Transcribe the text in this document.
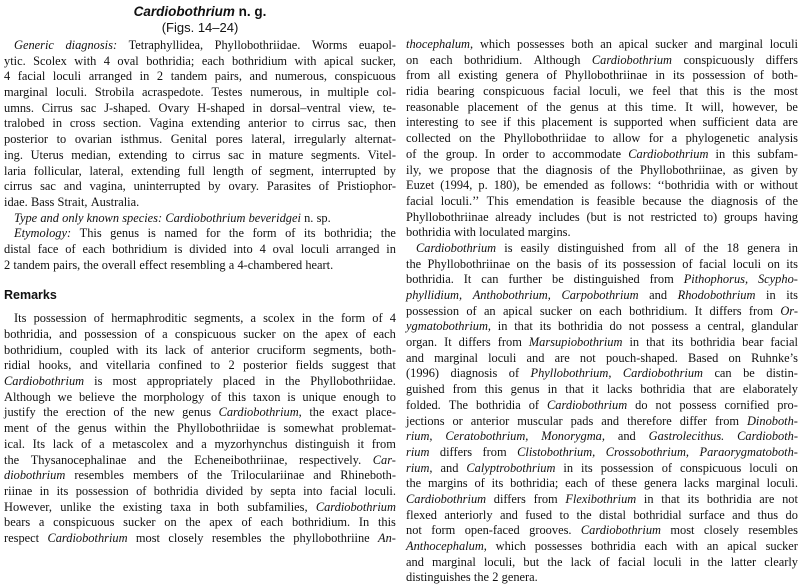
Cardiobothrium n. g.
(Figs. 14–24)
Generic diagnosis: Tetraphyllidea, Phyllobothriidae. Worms euapol-
ytic. Scolex with 4 oval bothridia; each bothridium with apical sucker,
4 facial loculi arranged in 2 tandem pairs, and numerous, conspicuous
marginal loculi. Strobila acraspedote. Testes numerous, in multiple col-
umns. Cirrus sac J-shaped. Ovary H-shaped in dorsal–ventral view, te-
tralobed in cross section. Vagina extending anterior to cirrus sac, then
posterior to ovarian isthmus. Genital pores lateral, irregularly alternat-
ing. Uterus median, extending to cirrus sac in mature segments. Vitel-
laria follicular, lateral, extending full length of segment, interrupted by
cirrus sac and vagina, uninterrupted by ovary. Parasites of Pristiophor-
idae. Bass Strait, Australia.
Type and only known species: Cardiobothrium beveridgei n. sp.
Etymology: This genus is named for the form of its bothridia; the
distal face of each bothridium is divided into 4 oval loculi arranged in
2 tandem pairs, the overall effect resembling a 4-chambered heart.
Remarks
Its possession of hermaphroditic segments, a scolex in the form of 4
bothridia, and possession of a conspicuous sucker on the apex of each
bothridium, coupled with its lack of anterior cruciform segments, both-
ridial hooks, and vitellaria confined to 2 posterior fields suggest that
Cardiobothrium is most appropriately placed in the Phyllobothriidae.
Although we believe the morphology of this taxon is unique enough to
justify the erection of the new genus Cardiobothrium, the exact place-
ment of the genus within the Phyllobothriidae is somewhat problemat-
ical. Its lack of a metascolex and a myzorhynchus distinguish it from
the Thysanocephalinae and the Echeneibothriinae, respectively. Car-
diobothrium resembles members of the Triloculariinae and Rhineboth-
riinae in its possession of bothridia divided by septa into facial loculi.
However, unlike the existing taxa in both subfamilies, Cardiobothrium
bears a conspicuous sucker on the apex of each bothridium. In this
respect Cardiobothrium most closely resembles the phyllobothriine An-
thocephalum, which possesses both an apical sucker and marginal loculi
on each bothridium. Although Cardiobothrium conspicuously differs
from all existing genera of Phyllobothriinae in its possession of both-
ridia bearing conspicuous facial loculi, we feel that this is the most
reasonable placement of the genus at this time. It will, however, be
interesting to see if this placement is supported when sufficient data are
collected on the Phyllobothriidae to allow for a phylogenetic analysis
of the group. In order to accommodate Cardiobothrium in this subfam-
ily, we propose that the diagnosis of the Phyllobothriinae, as given by
Euzet (1994, p. 180), be emended as follows: ‘‘bothridia with or without
facial loculi.’’ This emendation is feasible because the diagnosis of the
Phyllobothriinae already includes (but is not restricted to) groups having
bothridia with loculated margins.
Cardiobothrium is easily distinguished from all of the 18 genera in
the Phyllobothriinae on the basis of its possession of facial loculi on its
bothridia. It can further be distinguished from Pithophorus, Scypho-
phyllidium, Anthobothrium, Carpobothrium and Rhodobothrium in its
possession of an apical sucker on each bothridium. It differs from Or-
ygmatobothrium, in that its bothridia do not possess a central, glandular
organ. It differs from Marsupiobothrium in that its bothridia bear facial
and marginal loculi and are not pouch-shaped. Based on Ruhnke’s
(1996) diagnosis of Phyllobothrium, Cardiobothrium can be distin-
guished from this genus in that it lacks bothridia that are elaborately
folded. The bothridia of Cardiobothrium do not possess cornified pro-
jections or anterior muscular pads and therefore differ from Dinoboth-
rium, Ceratobothrium, Monorygma, and Gastrolecithus. Cardioboth-
rium differs from Clistobothrium, Crossobothrium, Paraorygmatoboth-
rium, and Calyptrobothrium in its possession of conspicuous loculi on
the margins of its bothridia; each of these genera lacks marginal loculi.
Cardiobothrium differs from Flexibothrium in that its bothridia are not
flexed anteriorly and fused to the distal bothridial surface and thus do
not form open-faced grooves. Cardiobothrium most closely resembles
Anthocephalum, which possesses bothridia each with an apical sucker
and marginal loculi, but the lack of facial loculi in the latter clearly
distinguishes the 2 genera.
